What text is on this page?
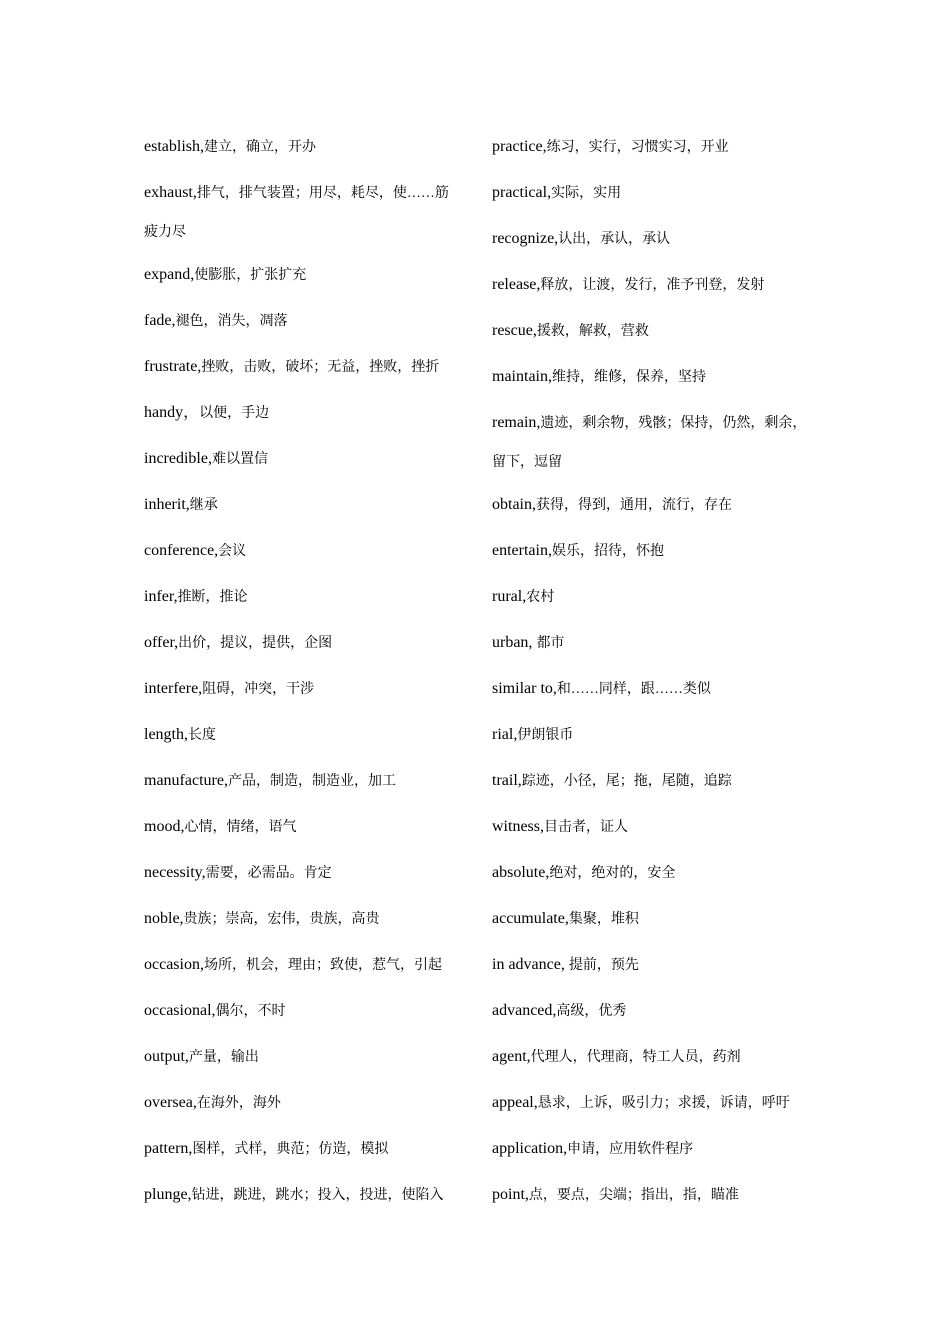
establish,建立，确立，开办
exhaust,排气，排气装置；用尽，耗尽，使……筋
疲力尽
expand,使膨胀，扩张扩充
fade,褪色，消失，凋落
frustrate,挫败，击败，破坏；无益，挫败，挫折
handy，以便，手边
incredible,难以置信
inherit,继承
conference,会议
infer,推断，推论
offer,出价，提议，提供，企图
interfere,阻碍，冲突，干涉
length,长度
manufacture,产品，制造，制造业，加工
mood,心情，情绪，语气
necessity,需要，必需品。肯定
noble,贵族；崇高，宏伟，贵族，高贵
occasion,场所，机会，理由；致使，惹气，引起
occasional,偶尔，不时
output,产量，输出
oversea,在海外，海外
pattern,图样，式样，典范；仿造，模拟
plunge,钻进，跳进，跳水；投入，投进，使陷入
practice,练习，实行，习惯实习，开业
practical,实际，实用
recognize,认出，承认，承认
release,释放，让渡，发行，准予刊登，发射
rescue,援救，解救，营救
maintain,维持，维修，保养，坚持
remain,遗迹，剩余物，残骸；保持，仍然，剩余，
留下，逗留
obtain,获得，得到，通用，流行，存在
entertain,娱乐，招待，怀抱
rural,农村
urban, 都市
similar to,和……同样，跟……类似
rial,伊朗银币
trail,踪迹，小径，尾；拖，尾随，追踪
witness,目击者，证人
absolute,绝对，绝对的，安全
accumulate,集聚，堆积
in advance, 提前，预先
advanced,高级，优秀
agent,代理人，代理商，特工人员，药剂
appeal,恳求，上诉，吸引力；求援，诉请，呼吁
application,申请，应用软件程序
point,点，要点，尖端；指出，指，瞄准
